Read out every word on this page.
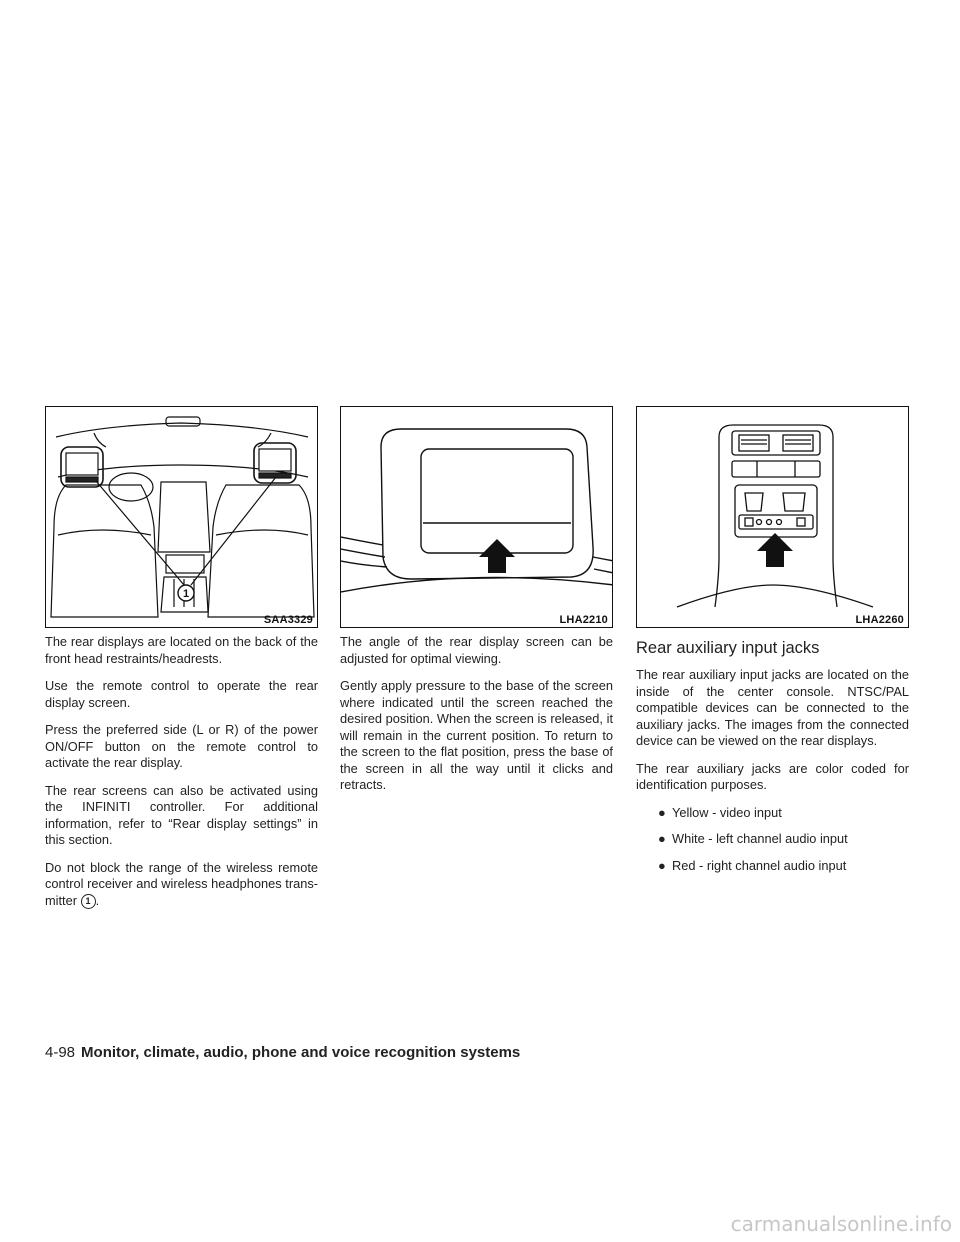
1
SAA3329

The rear displays are located on the back of the front head restraints/headrests.

Use the remote control to operate the rear display screen.

Press the preferred side (L or R) of the power ON/OFF button on the remote control to activate the rear display.

The rear screens can also be activated using the INFINITI controller. For additional information, refer to “Rear display settings” in this section.

Do not block the range of the wireless remote control receiver and wireless headphones transmitter 1 .

LHA2210

The angle of the rear display screen can be adjusted for optimal viewing.

Gently apply pressure to the base of the screen where indicated until the screen reached the desired position. When the screen is released, it will remain in the current position. To return to the screen to the flat position, press the base of the screen in all the way until it clicks and retracts.

LHA2260
Rear auxiliary input jacks

The rear auxiliary input jacks are located on the inside of the center console. NTSC/PAL compatible devices can be connected to the auxiliary jacks. The images from the connected device can be viewed on the rear displays.

The rear auxiliary jacks are color coded for identification purposes.

● Yellow - video input
● White - left channel audio input
● Red - right channel audio input
4-98 Monitor, climate, audio, phone and voice recognition systems
carmanualsonline.info
